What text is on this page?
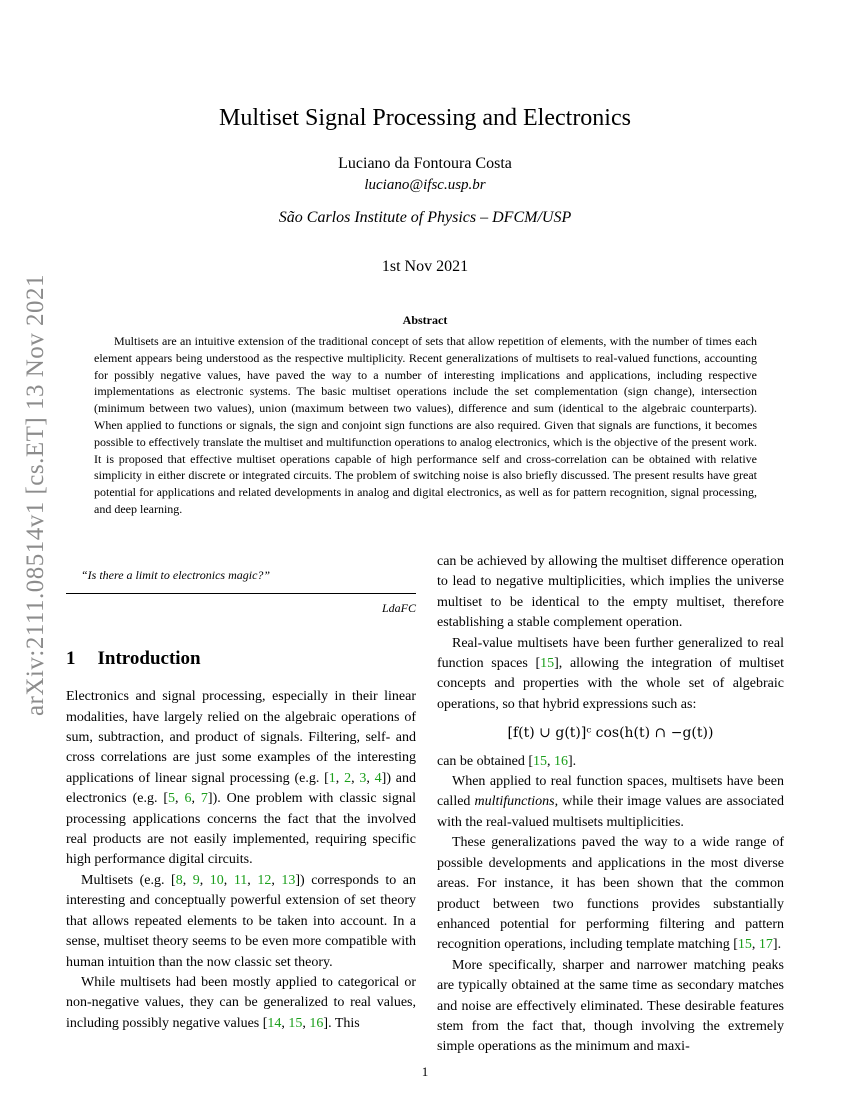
arXiv:2111.08514v1 [cs.ET] 13 Nov 2021
Multiset Signal Processing and Electronics
Luciano da Fontoura Costa
luciano@ifsc.usp.br
São Carlos Institute of Physics – DFCM/USP
1st Nov 2021
Abstract
Multisets are an intuitive extension of the traditional concept of sets that allow repetition of elements, with the number of times each element appears being understood as the respective multiplicity. Recent generalizations of multisets to real-valued functions, accounting for possibly negative values, have paved the way to a number of interesting implications and applications, including respective implementations as electronic systems. The basic multiset operations include the set complementation (sign change), intersection (minimum between two values), union (maximum between two values), difference and sum (identical to the algebraic counterparts). When applied to functions or signals, the sign and conjoint sign functions are also required. Given that signals are functions, it becomes possible to effectively translate the multiset and multifunction operations to analog electronics, which is the objective of the present work. It is proposed that effective multiset operations capable of high performance self and cross-correlation can be obtained with relative simplicity in either discrete or integrated circuits. The problem of switching noise is also briefly discussed. The present results have great potential for applications and related developments in analog and digital electronics, as well as for pattern recognition, signal processing, and deep learning.

“Is there a limit to electronics magic?”

LdaFC

1 Introduction

Electronics and signal processing, especially in their linear modalities, have largely relied on the algebraic operations of sum, subtraction, and product of signals. Filtering, self- and cross correlations are just some examples of the interesting applications of linear signal processing (e.g. [1, 2, 3, 4]) and electronics (e.g. [5, 6, 7]). One problem with classic signal processing applications concerns the fact that the involved real products are not easily implemented, requiring specific high performance digital circuits.

Multisets (e.g. [8, 9, 10, 11, 12, 13]) corresponds to an interesting and conceptually powerful extension of set theory that allows repeated elements to be taken into account. In a sense, multiset theory seems to be even more compatible with human intuition than the now classic set theory.

While multisets had been mostly applied to categorical or non-negative values, they can be generalized to real values, including possibly negative values [14, 15, 16]. This

can be achieved by allowing the multiset difference operation to lead to negative multiplicities, which implies the universe multiset to be identical to the empty multiset, therefore establishing a stable complement operation.

Real-value multisets have been further generalized to real function spaces [15], allowing the integration of multiset concepts and properties with the whole set of algebraic operations, so that hybrid expressions such as:

[f(t) ∪ g(t)]ᶜ cos(h(t) ∩ −g(t))

can be obtained [15, 16].

When applied to real function spaces, multisets have been called multifunctions, while their image values are associated with the real-valued multisets multiplicities.

These generalizations paved the way to a wide range of possible developments and applications in the most diverse areas. For instance, it has been shown that the common product between two functions provides substantially enhanced potential for performing filtering and pattern recognition operations, including template matching [15, 17].

More specifically, sharper and narrower matching peaks are typically obtained at the same time as secondary matches and noise are effectively eliminated. These desirable features stem from the fact that, though involving the extremely simple operations as the minimum and maxi-

1
